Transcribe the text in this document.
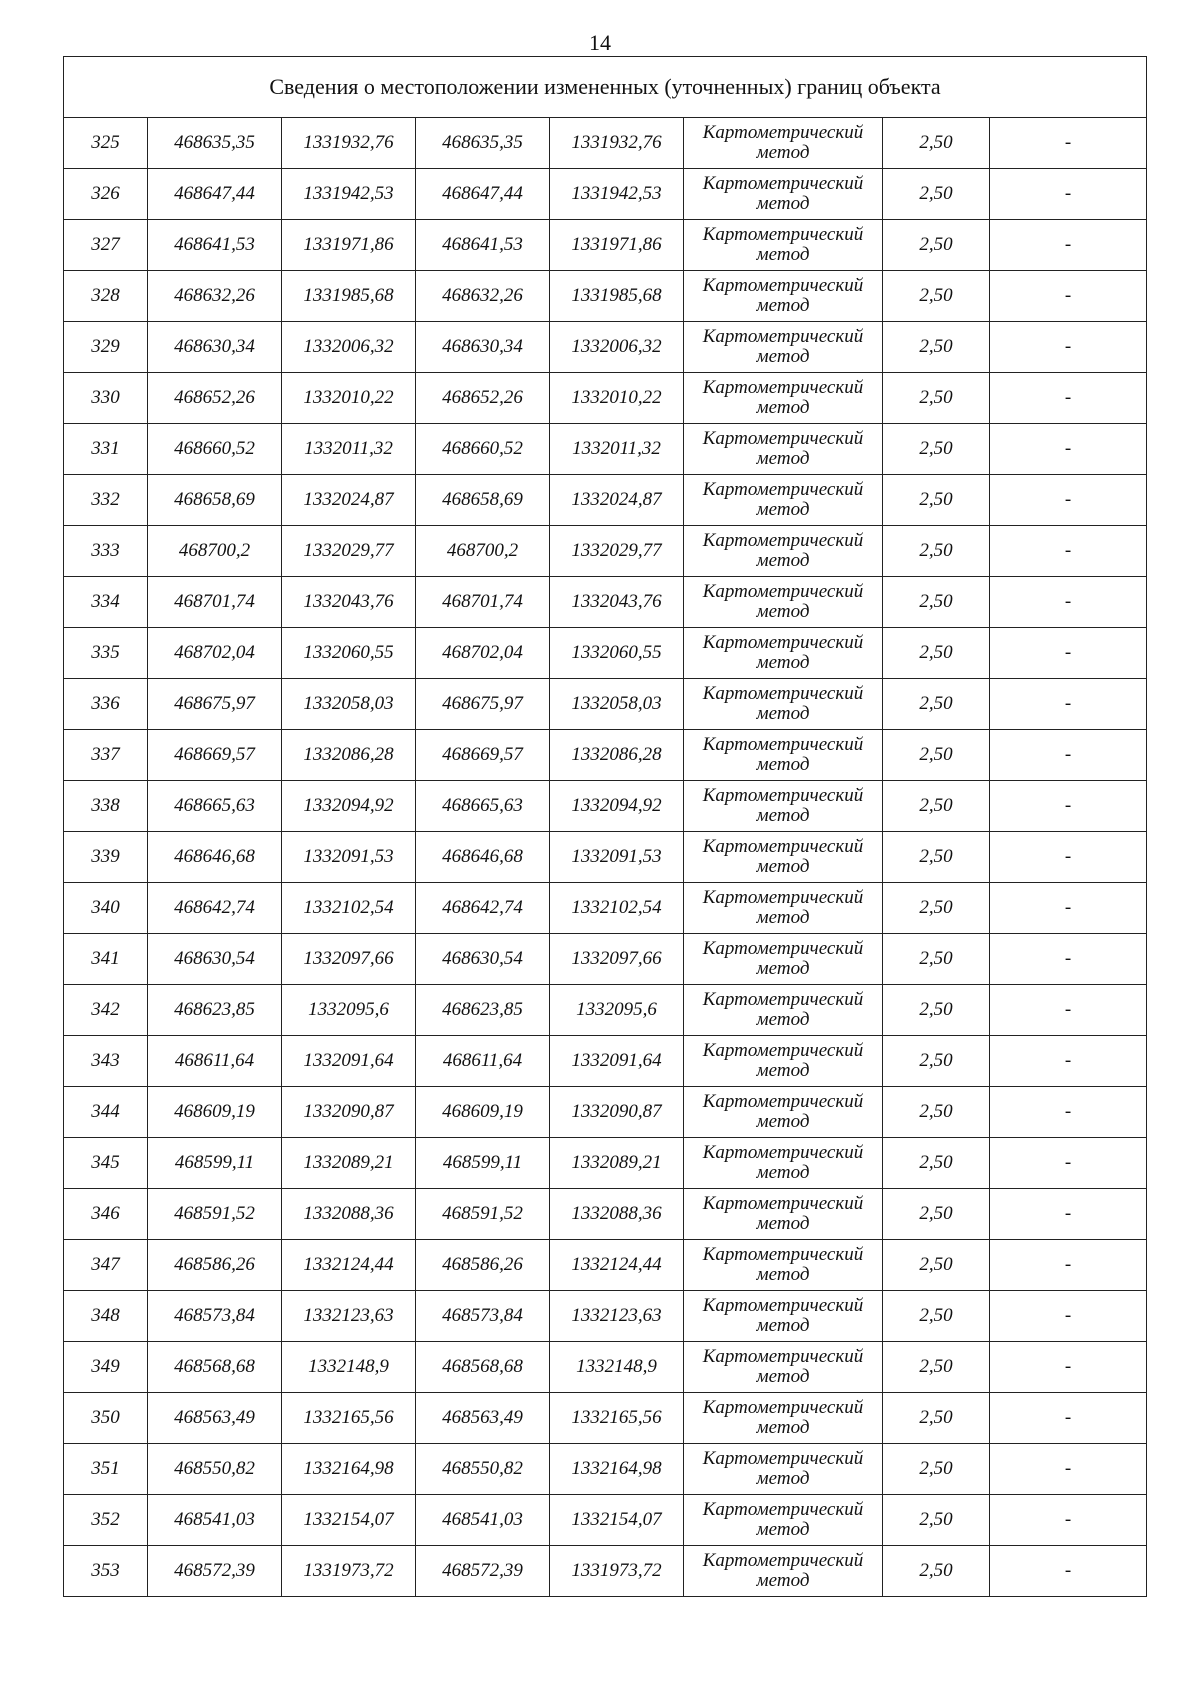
14
Сведения о местоположении измененных (уточненных) границ объекта							
325	468635,35	1331932,76	468635,35	1331932,76	Картометрический
метод	2,50	-
326	468647,44	1331942,53	468647,44	1331942,53	Картометрический
метод	2,50	-
327	468641,53	1331971,86	468641,53	1331971,86	Картометрический
метод	2,50	-
328	468632,26	1331985,68	468632,26	1331985,68	Картометрический
метод	2,50	-
329	468630,34	1332006,32	468630,34	1332006,32	Картометрический
метод	2,50	-
330	468652,26	1332010,22	468652,26	1332010,22	Картометрический
метод	2,50	-
331	468660,52	1332011,32	468660,52	1332011,32	Картометрический
метод	2,50	-
332	468658,69	1332024,87	468658,69	1332024,87	Картометрический
метод	2,50	-
333	468700,2	1332029,77	468700,2	1332029,77	Картометрический
метод	2,50	-
334	468701,74	1332043,76	468701,74	1332043,76	Картометрический
метод	2,50	-
335	468702,04	1332060,55	468702,04	1332060,55	Картометрический
метод	2,50	-
336	468675,97	1332058,03	468675,97	1332058,03	Картометрический
метод	2,50	-
337	468669,57	1332086,28	468669,57	1332086,28	Картометрический
метод	2,50	-
338	468665,63	1332094,92	468665,63	1332094,92	Картометрический
метод	2,50	-
339	468646,68	1332091,53	468646,68	1332091,53	Картометрический
метод	2,50	-
340	468642,74	1332102,54	468642,74	1332102,54	Картометрический
метод	2,50	-
341	468630,54	1332097,66	468630,54	1332097,66	Картометрический
метод	2,50	-
342	468623,85	1332095,6	468623,85	1332095,6	Картометрический
метод	2,50	-
343	468611,64	1332091,64	468611,64	1332091,64	Картометрический
метод	2,50	-
344	468609,19	1332090,87	468609,19	1332090,87	Картометрический
метод	2,50	-
345	468599,11	1332089,21	468599,11	1332089,21	Картометрический
метод	2,50	-
346	468591,52	1332088,36	468591,52	1332088,36	Картометрический
метод	2,50	-
347	468586,26	1332124,44	468586,26	1332124,44	Картометрический
метод	2,50	-
348	468573,84	1332123,63	468573,84	1332123,63	Картометрический
метод	2,50	-
349	468568,68	1332148,9	468568,68	1332148,9	Картометрический
метод	2,50	-
350	468563,49	1332165,56	468563,49	1332165,56	Картометрический
метод	2,50	-
351	468550,82	1332164,98	468550,82	1332164,98	Картометрический
метод	2,50	-
352	468541,03	1332154,07	468541,03	1332154,07	Картометрический
метод	2,50	-
353	468572,39	1331973,72	468572,39	1331973,72	Картометрический
метод	2,50	-
